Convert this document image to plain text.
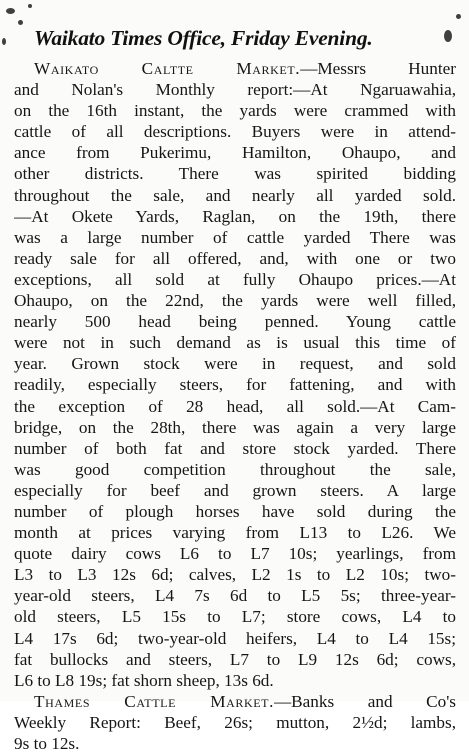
Waikato Times Office, Friday Evening.
Waikato Caltte Market.—Messrs Hunter
and Nolan's Monthly report:—At Ngaruawahia,
on the 16th instant, the yards were crammed with
cattle of all descriptions. Buyers were in attend-
ance from Pukerimu, Hamilton, Ohaupo, and
other districts. There was spirited bidding
throughout the sale, and nearly all yarded sold.
—At Okete Yards, Raglan, on the 19th, there
was a large number of cattle yarded There was
ready sale for all offered, and, with one or two
exceptions, all sold at fully Ohaupo prices.—At
Ohaupo, on the 22nd, the yards were well filled,
nearly 500 head being penned. Young cattle
were not in such demand as is usual this time of
year. Grown stock were in request, and sold
readily, especially steers, for fattening, and with
the exception of 28 head, all sold.—At Cam-
bridge, on the 28th, there was again a very large
number of both fat and store stock yarded. There
was good competition throughout the sale,
especially for beef and grown steers. A large
number of plough horses have sold during the
month at prices varying from L13 to L26. We
quote dairy cows L6 to L7 10s; yearlings, from
L3 to L3 12s 6d; calves, L2 1s to L2 10s; two-
year-old steers, L4 7s 6d to L5 5s; three-year-
old steers, L5 15s to L7; store cows, L4 to
L4 17s 6d; two-year-old heifers, L4 to L4 15s;
fat bullocks and steers, L7 to L9 12s 6d; cows,
L6 to L8 19s; fat shorn sheep, 13s 6d.
Thames Cattle Market.—Banks and Co's
Weekly Report: Beef, 26s; mutton, 2½d; lambs,
9s to 12s.
